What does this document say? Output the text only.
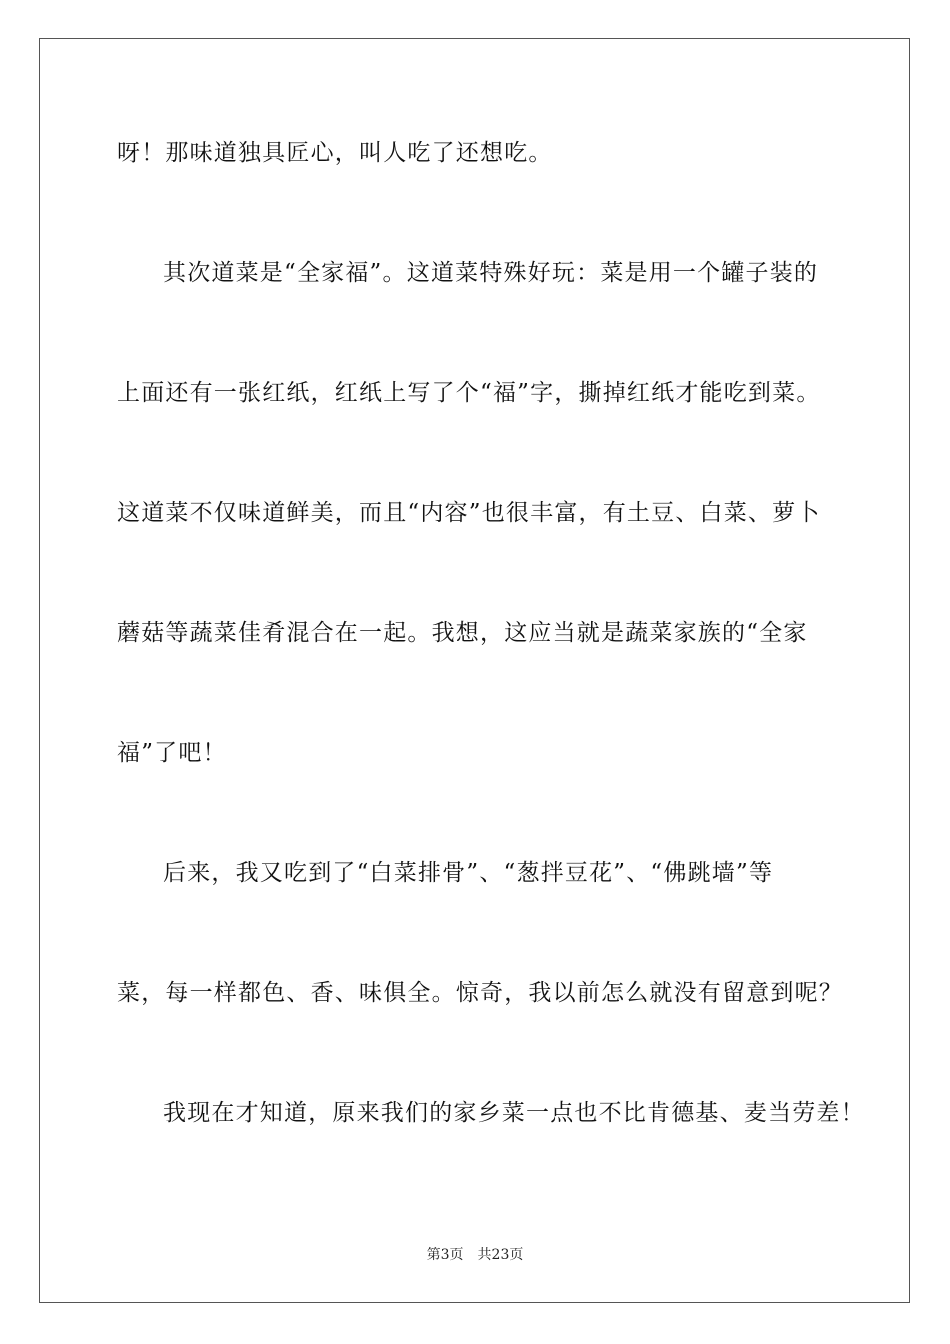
呀！那味道独具匠心，叫人吃了还想吃。
其次道菜是“全家福”。这道菜特殊好玩：菜是用一个罐子装的
上面还有一张红纸，红纸上写了个“福”字，撕掉红纸才能吃到菜。
这道菜不仅味道鲜美，而且“内容”也很丰富，有土豆、白菜、萝卜
蘑菇等蔬菜佳肴混合在一起。我想，这应当就是蔬菜家族的“全家
福”了吧！
后来，我又吃到了“白菜排骨”、“葱拌豆花”、“佛跳墙”等
菜，每一样都色、香、味俱全。惊奇，我以前怎么就没有留意到呢？
我现在才知道，原来我们的家乡菜一点也不比肯德基、麦当劳差！
第3页 共23页
